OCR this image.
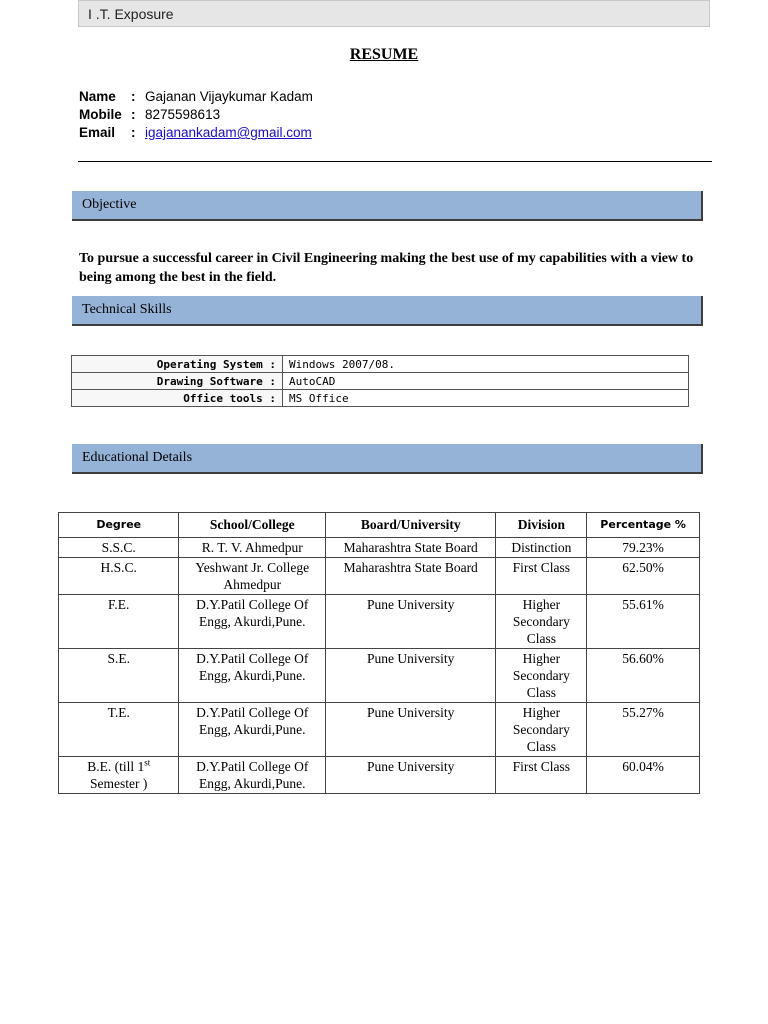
I .T. Exposure
RESUME
Name : Gajanan Vijaykumar Kadam
Mobile : 8275598613
Email : igajanankadam@gmail.com
Objective
To pursue a successful career in Civil Engineering making the best use of my capabilities with a view to being among the best in the field.
Technical Skills
Operating System :	Windows 2007/08.
Drawing Software :	AutoCAD
Office tools :	MS Office
Educational Details
Degree	School/College	Board/University	Division	Percentage %
S.S.C.	R. T. V. Ahmedpur	Maharashtra State Board	Distinction	79.23%
H.S.C.	Yeshwant Jr. College Ahmedpur	Maharashtra State Board	First Class	62.50%
F.E.	D.Y.Patil College Of Engg, Akurdi,Pune.	Pune University	Higher Secondary Class	55.61%
S.E.	D.Y.Patil College Of Engg, Akurdi,Pune.	Pune University	Higher Secondary Class	56.60%
T.E.	D.Y.Patil College Of Engg, Akurdi,Pune.	Pune University	Higher Secondary Class	55.27%
B.E. (till 1st
Semester )	D.Y.Patil College Of Engg, Akurdi,Pune.	Pune University	First Class	60.04%
